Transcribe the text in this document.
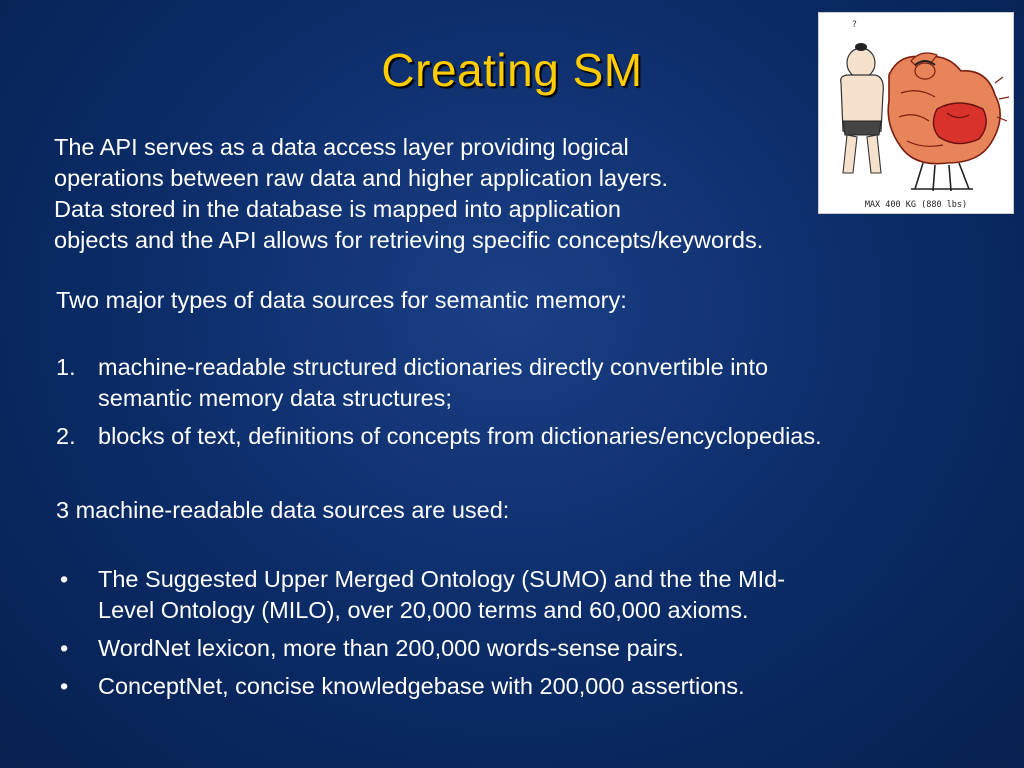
Creating SM
The API serves as a data access layer providing logical
operations between raw data and higher application layers.
Data stored in the database is mapped into application
objects and the API allows for retrieving specific concepts/keywords.
Two major types of data sources for semantic memory:
1. machine-readable structured dictionaries directly convertible into
semantic memory data structures;
2. blocks of text, definitions of concepts from dictionaries/encyclopedias.
3 machine-readable data sources are used:
• The Suggested Upper Merged Ontology (SUMO) and the the MId-
Level Ontology (MILO), over 20,000 terms and 60,000 axioms.
• WordNet lexicon, more than 200,000 words-sense pairs.
• ConceptNet, concise knowledgebase with 200,000 assertions.
?
MAX 400 KG (880 lbs)
